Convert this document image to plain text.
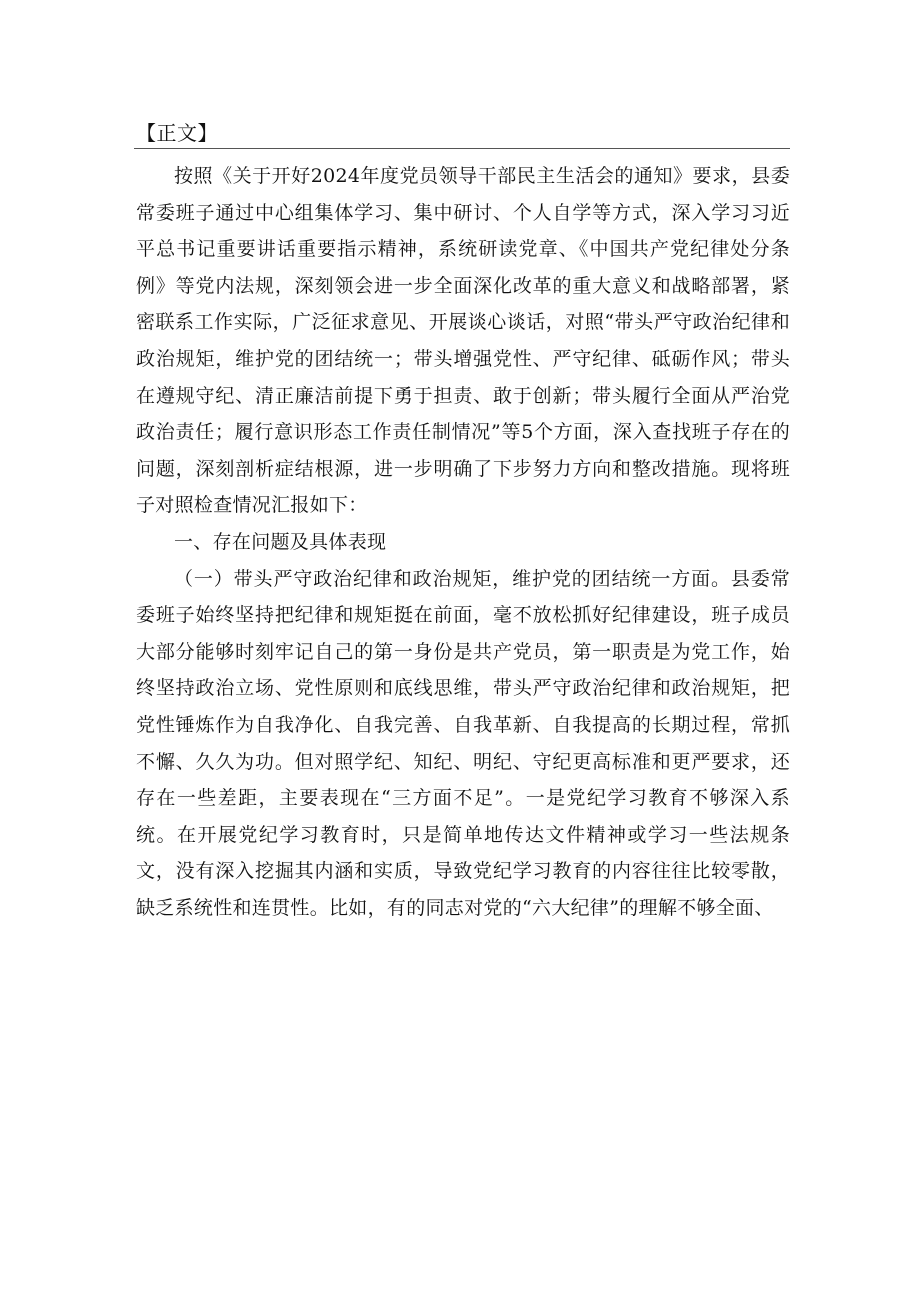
【正文】

按照《关于开好2024年度党员领导干部民主生活会的通知》要求，县委常委班子通过中心组集体学习、集中研讨、个人自学等方式，深入学习习近平总书记重要讲话重要指示精神，系统研读党章、《中国共产党纪律处分条例》等党内法规，深刻领会进一步全面深化改革的重大意义和战略部署，紧密联系工作实际，广泛征求意见、开展谈心谈话，对照“带头严守政治纪律和政治规矩，维护党的团结统一；带头增强党性、严守纪律、砥砺作风；带头在遵规守纪、清正廉洁前提下勇于担责、敢于创新；带头履行全面从严治党政治责任；履行意识形态工作责任制情况”等5个方面，深入查找班子存在的问题，深刻剖析症结根源，进一步明确了下步努力方向和整改措施。现将班子对照检查情况汇报如下：

一、存在问题及具体表现

（一）带头严守政治纪律和政治规矩，维护党的团结统一方面。县委常委班子始终坚持把纪律和规矩挺在前面，毫不放松抓好纪律建设，班子成员大部分能够时刻牢记自己的第一身份是共产党员，第一职责是为党工作，始终坚持政治立场、党性原则和底线思维，带头严守政治纪律和政治规矩，把党性锤炼作为自我净化、自我完善、自我革新、自我提高的长期过程，常抓不懈、久久为功。但对照学纪、知纪、明纪、守纪更高标准和更严要求，还存在一些差距，主要表现在“三方面不足”。一是党纪学习教育不够深入系统。在开展党纪学习教育时，只是简单地传达文件精神或学习一些法规条文，没有深入挖掘其内涵和实质，导致党纪学习教育的内容往往比较零散，缺乏系统性和连贯性。比如，有的同志对党的“六大纪律”的理解不够全面、
